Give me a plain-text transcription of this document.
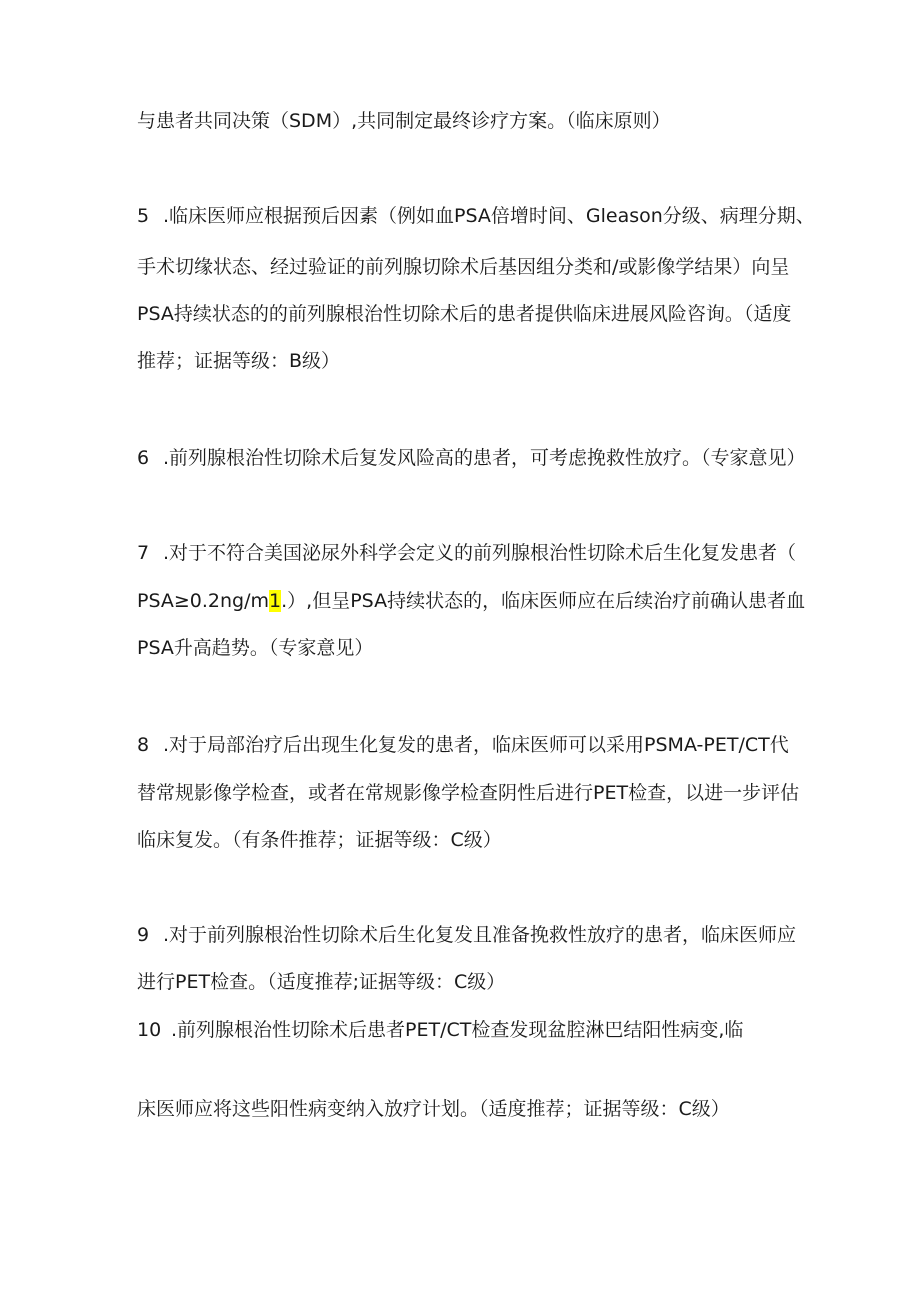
与患者共同决策（SDM）,共同制定最终诊疗方案。（临床原则）
5 .临床医师应根据预后因素（例如血PSA倍增时间、Gleason分级、病理分期、
手术切缘状态、经过验证的前列腺切除术后基因组分类和/或影像学结果）向呈
PSA持续状态的的前列腺根治性切除术后的患者提供临床进展风险咨询。（适度
推荐；证据等级：B级）
6 .前列腺根治性切除术后复发风险高的患者，可考虑挽救性放疗。（专家意见）
7 .对于不符合美国泌尿外科学会定义的前列腺根治性切除术后生化复发患者（
PSA≥0.2ng/m1.）,但呈PSA持续状态的，临床医师应在后续治疗前确认患者血
PSA升高趋势。（专家意见）
8 .对于局部治疗后出现生化复发的患者，临床医师可以采用PSMA-PET/CT代
替常规影像学检查，或者在常规影像学检查阴性后进行PET检查，以进一步评估
临床复发。（有条件推荐；证据等级：C级）
9 .对于前列腺根治性切除术后生化复发且准备挽救性放疗的患者，临床医师应
进行PET检查。（适度推荐;证据等级：C级）
10 .前列腺根治性切除术后患者PET/CT检查发现盆腔淋巴结阳性病变,临
床医师应将这些阳性病变纳入放疗计划。（适度推荐；证据等级：C级）
